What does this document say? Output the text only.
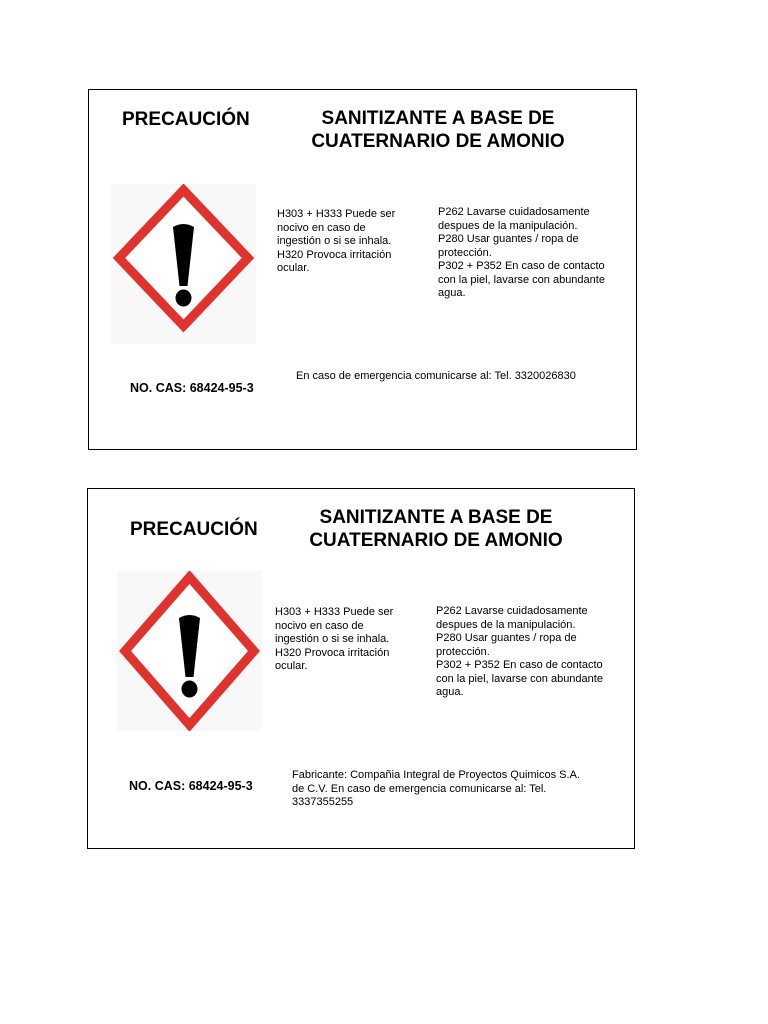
PRECAUCIÓN	SANITIZANTE A BASE DE
CUATERNARIO DE AMONIO
H303 + H333 Puede ser
nocivo en caso de
ingestión o si se inhala.
H320 Provoca irritación
ocular.
P262 Lavarse cuidadosamente
despues de la manipulación.
P280 Usar guantes / ropa de
protección.
P302 + P352 En caso de contacto
con la piel, lavarse con abundante
agua.
En caso de emergencia comunicarse al: Tel. 3320026830
NO. CAS: 68424-95-3
PRECAUCIÓN
SANITIZANTE A BASE DE
CUATERNARIO DE AMONIO
H303 + H333 Puede ser
nocivo en caso de
ingestión o si se inhala.
H320 Provoca irritación
ocular.
P262 Lavarse cuidadosamente
despues de la manipulación.
P280 Usar guantes / ropa de
protección.
P302 + P352 En caso de contacto
con la piel, lavarse con abundante
agua.
Fabricante: Compañia Integral de Proyectos Quimicos S.A.
de C.V. En caso de emergencia comunicarse al: Tel.
3337355255
NO. CAS: 68424-95-3
